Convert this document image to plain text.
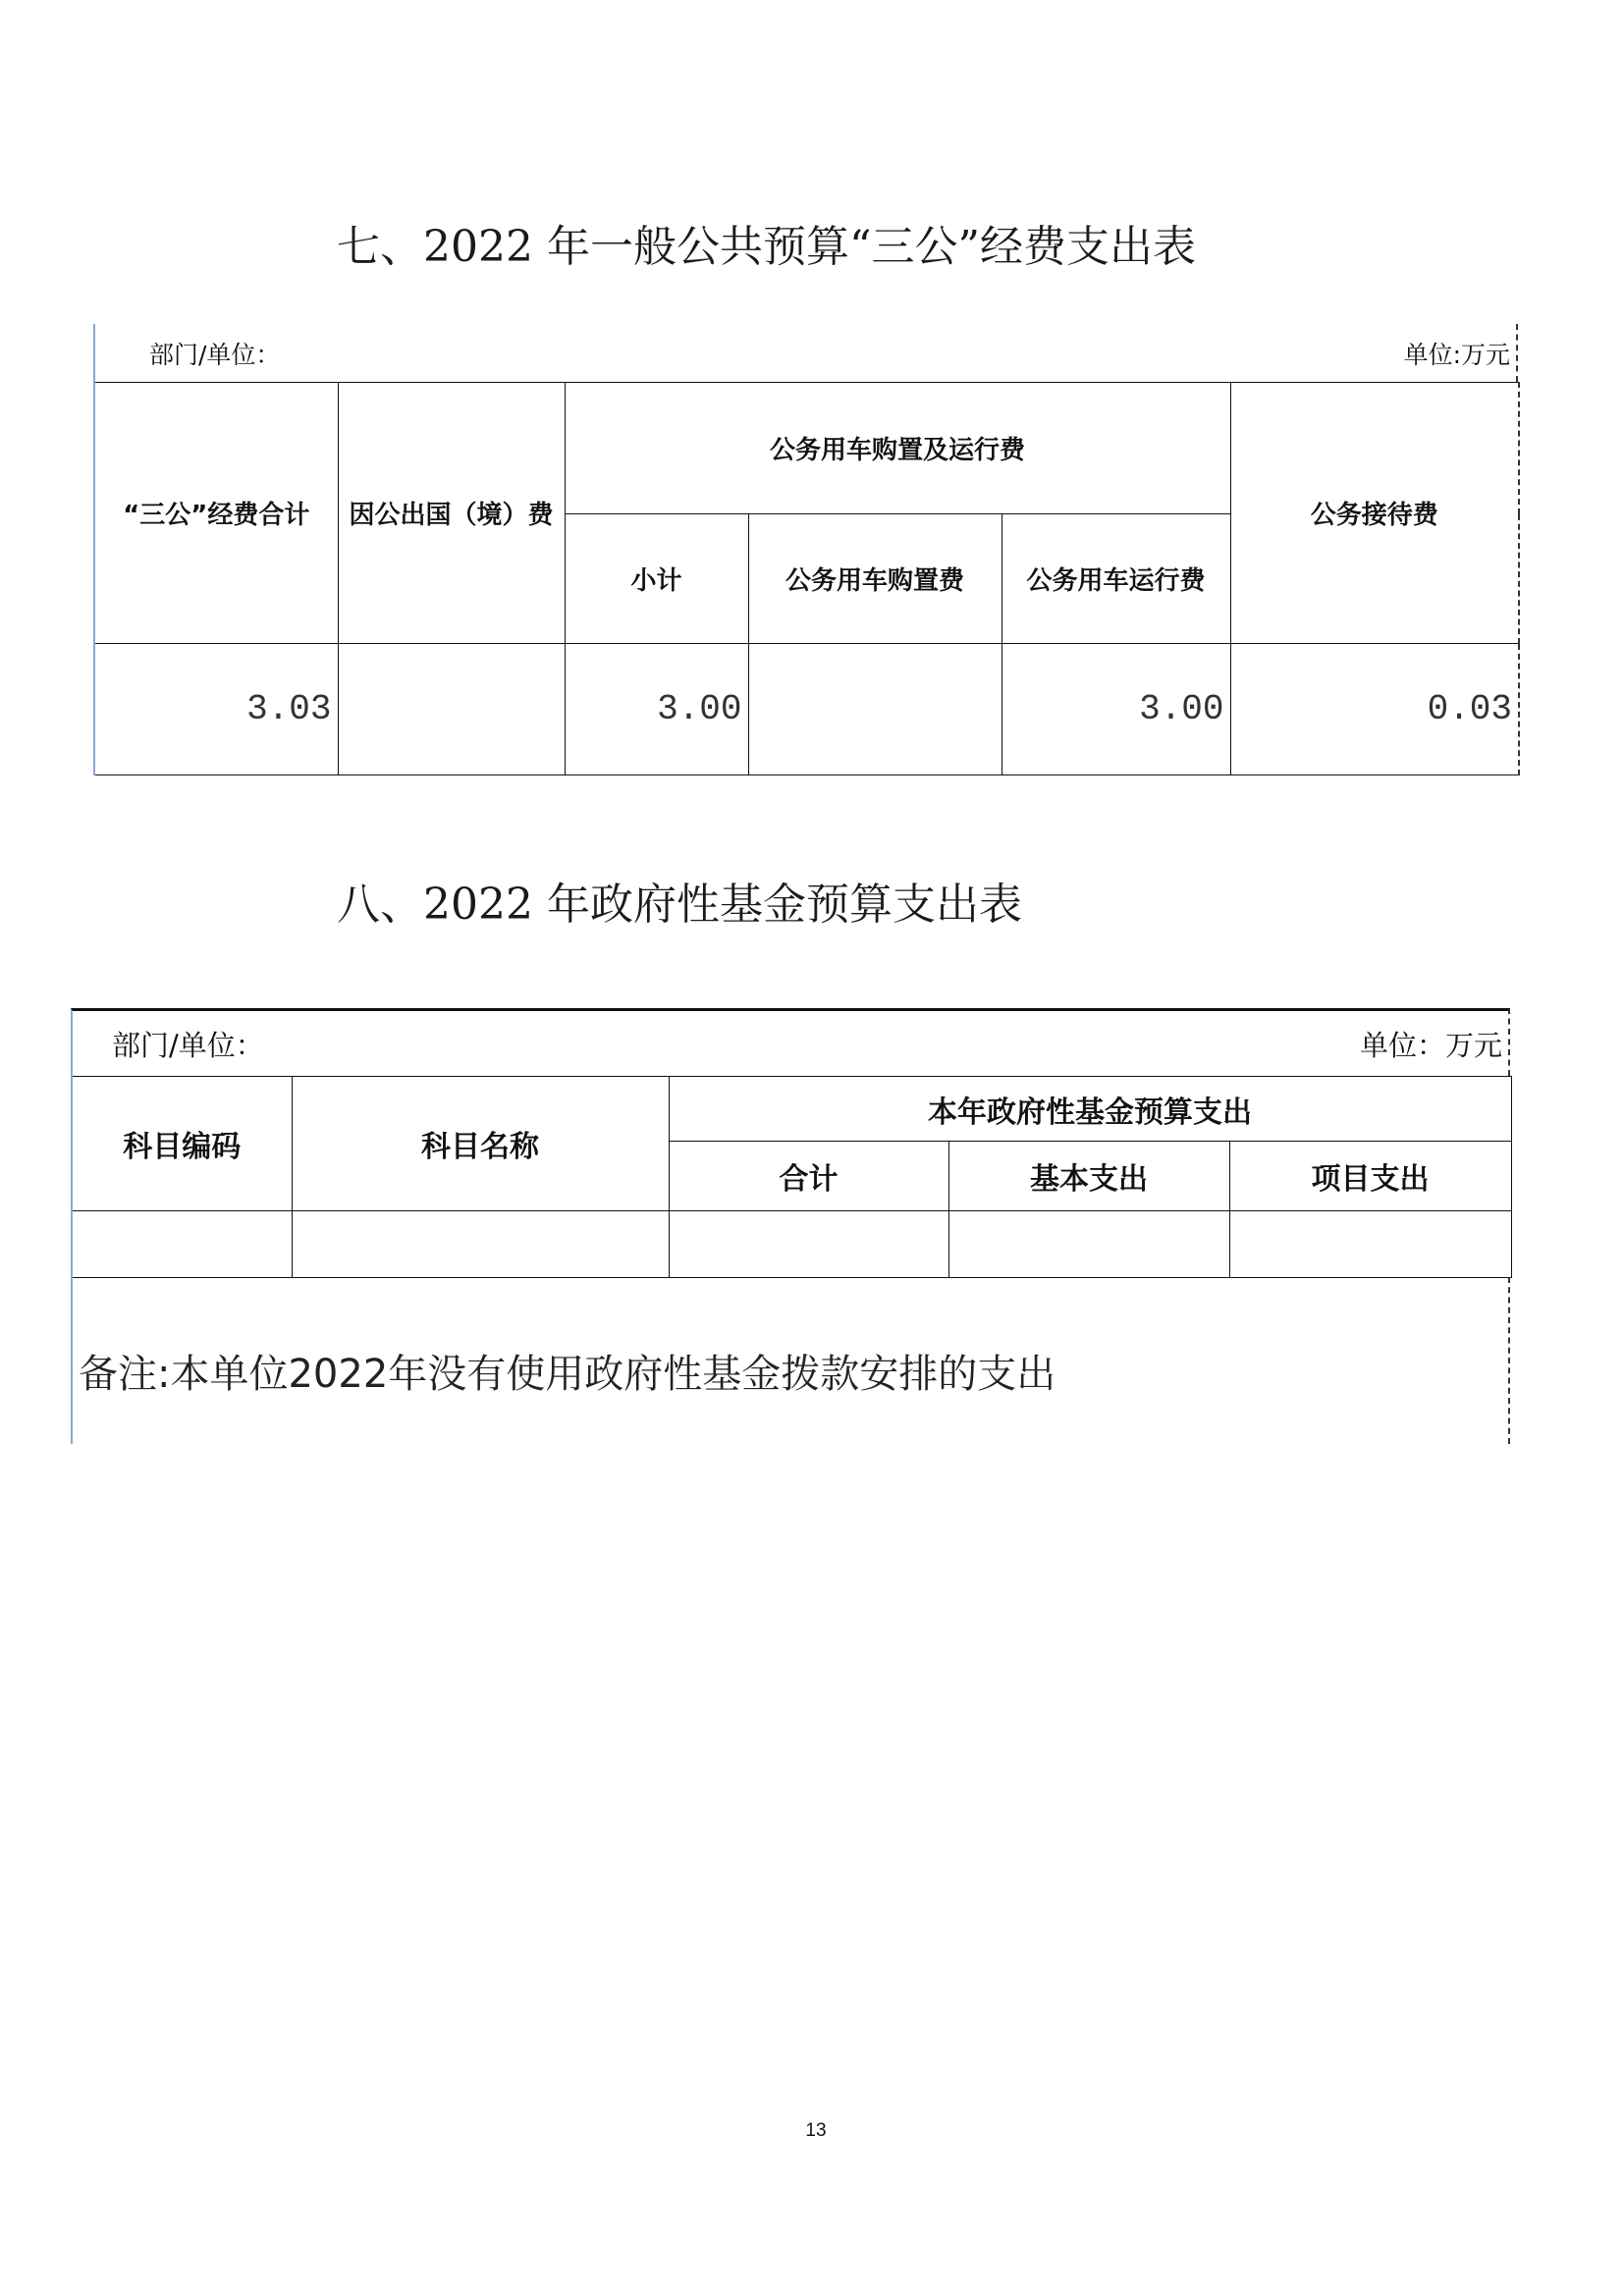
七、2022 年一般公共预算“三公”经费支出表
部门/单位：	单位:万元
“三公”经费合计	因公出国（境）费	公务用车购置及运行费			公务接待费
		小计	公务用车购置费	公务用车运行费	
3.03		3.00		3.00	0.03
八、2022 年政府性基金预算支出表
部门/单位：	单位：万元
科目编码	科目名称	本年政府性基金预算支出		
		合计	基本支出	项目支出

备注:本单位2022年没有使用政府性基金拨款安排的支出
13
